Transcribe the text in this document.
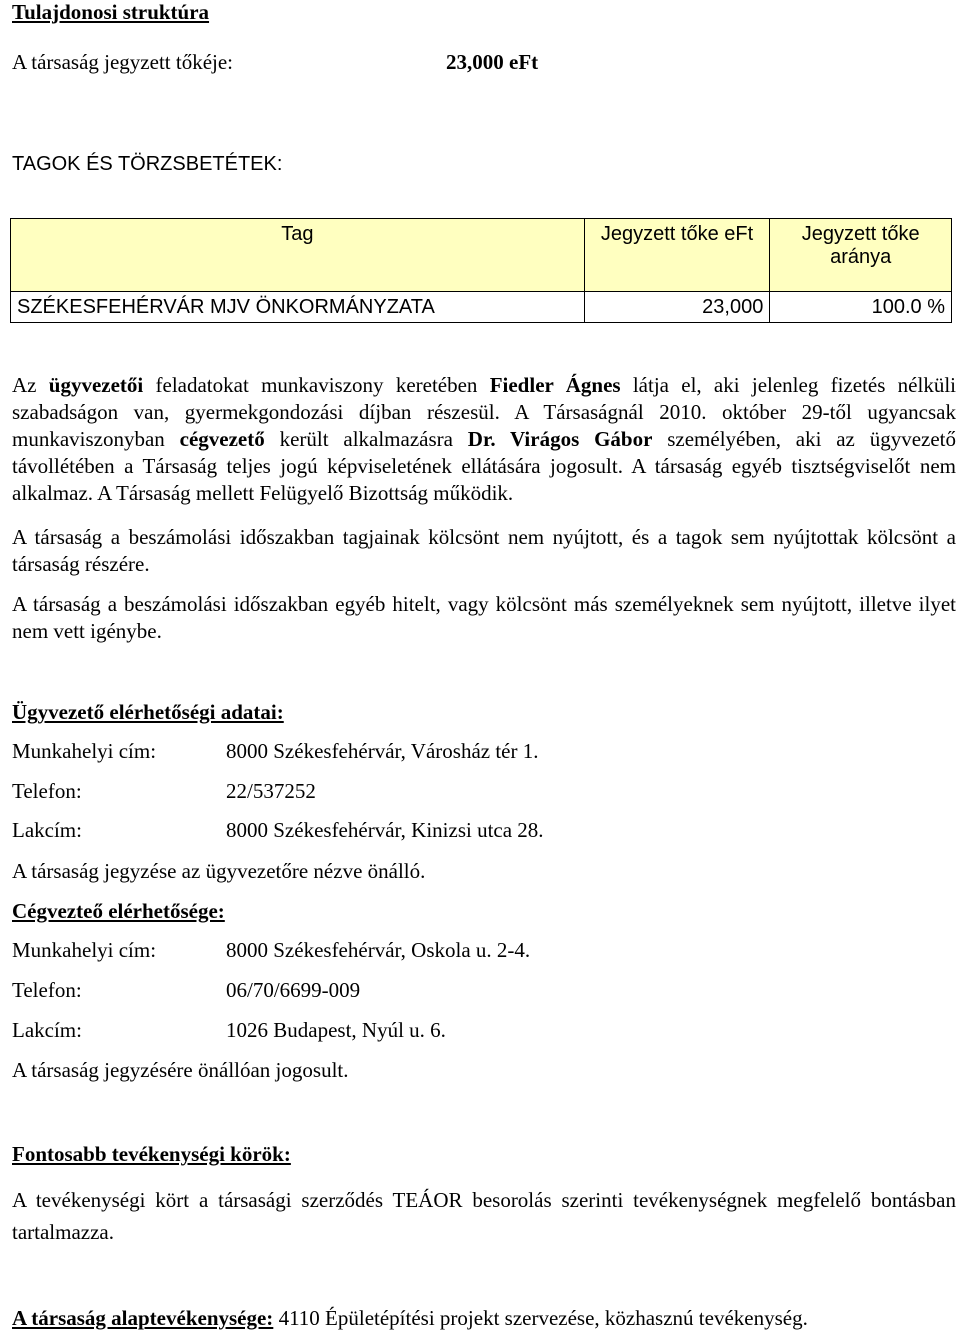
Tulajdonosi struktúra
A társaság jegyzett tőkéje:	23,000 eFt
TAGOK ÉS TÖRZSBETÉTEK:
Tag	Jegyzett tőke eFt	Jegyzett tőke aránya
SZÉKESFEHÉRVÁR MJV ÖNKORMÁNYZATA	23,000	100.0 %
Az ügyvezetői feladatokat munkaviszony keretében Fiedler Ágnes látja el, aki jelenleg fizetés nélküli szabadságon van, gyermekgondozási díjban részesül. A Társaságnál 2010. október 29-től ugyancsak munkaviszonyban cégvezető került alkalmazásra Dr. Virágos Gábor személyében, aki az ügyvezető távollétében a Társaság teljes jogú képviseletének ellátására jogosult. A társaság egyéb tisztségviselőt nem alkalmaz. A Társaság mellett Felügyelő Bizottság működik.
A társaság a beszámolási időszakban tagjainak kölcsönt nem nyújtott, és a tagok sem nyújtottak kölcsönt a társaság részére.
A társaság a beszámolási időszakban egyéb hitelt, vagy kölcsönt más személyeknek sem nyújtott, illetve ilyet nem vett igénybe.
Ügyvezető elérhetőségi adatai:
Munkahelyi cím:	8000 Székesfehérvár, Városház tér 1.
Telefon:	22/537252
Lakcím:	8000 Székesfehérvár, Kinizsi utca 28.
A társaság jegyzése az ügyvezetőre nézve önálló.
Cégvezteő elérhetősége:
Munkahelyi cím:	8000 Székesfehérvár, Oskola u. 2-4.
Telefon:	06/70/6699-009
Lakcím:	1026 Budapest, Nyúl u. 6.
A társaság jegyzésére önállóan jogosult.
Fontosabb tevékenységi körök:
A tevékenységi kört a társasági szerződés TEÁOR besorolás szerinti tevékenységnek megfelelő bontásban tartalmazza.
A társaság alaptevékenysége: 4110 Épületépítési projekt szervezése, közhasznú tevékenység.
